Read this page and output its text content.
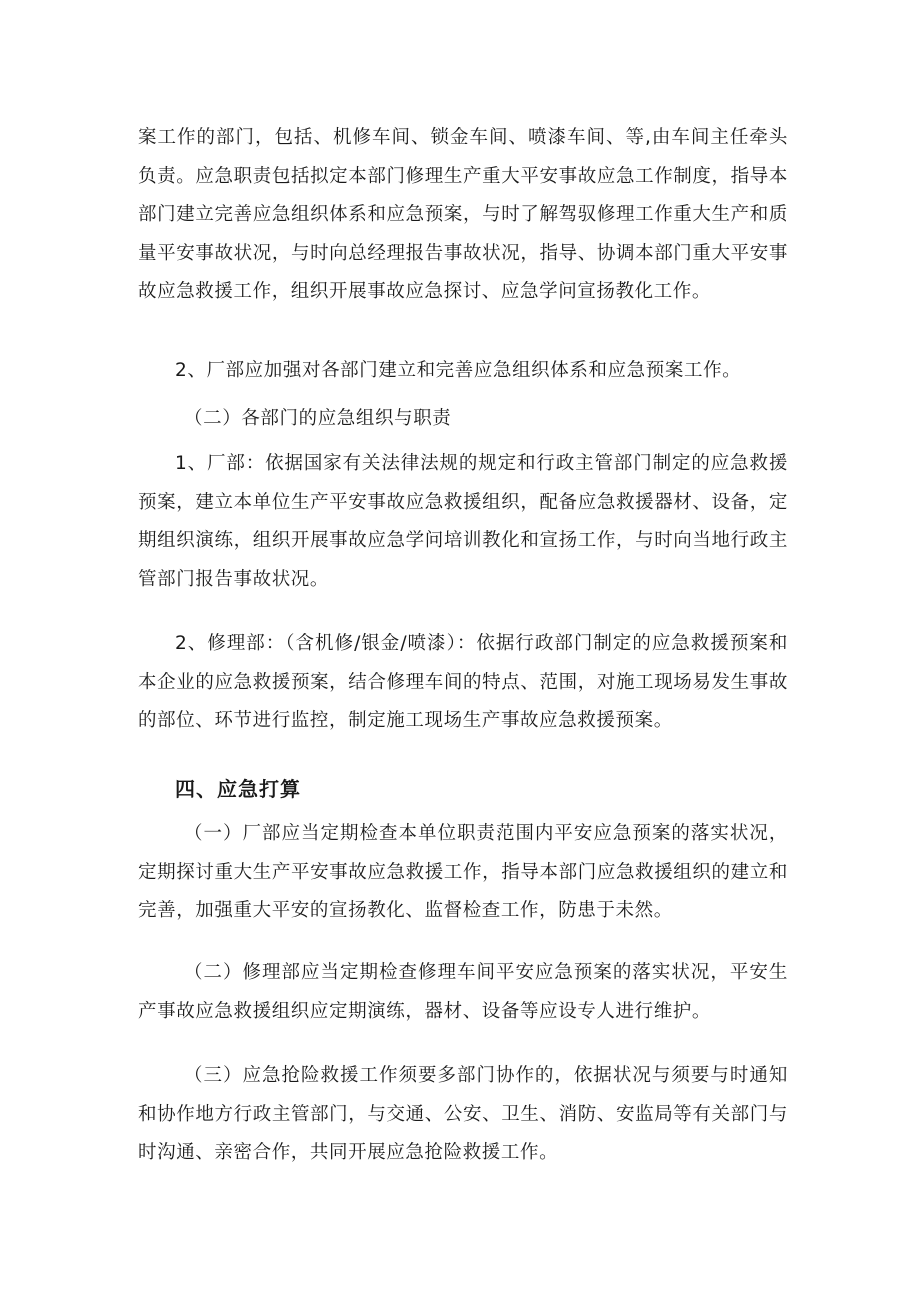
案工作的部门，包括、机修车间、锁金车间、喷漆车间、等,由车间主任牵头负责。应急职责包括拟定本部门修理生产重大平安事故应急工作制度，指导本部门建立完善应急组织体系和应急预案，与时了解驾驭修理工作重大生产和质量平安事故状况，与时向总经理报告事故状况，指导、协调本部门重大平安事故应急救援工作，组织开展事故应急探讨、应急学问宣扬教化工作。

2、厂部应加强对各部门建立和完善应急组织体系和应急预案工作。

（二）各部门的应急组织与职责

1、厂部：依据国家有关法律法规的规定和行政主管部门制定的应急救援预案，建立本单位生产平安事故应急救援组织，配备应急救援器材、设备，定期组织演练，组织开展事故应急学问培训教化和宣扬工作，与时向当地行政主管部门报告事故状况。

2、修理部：（含机修/银金/喷漆）：依据行政部门制定的应急救援预案和本企业的应急救援预案，结合修理车间的特点、范围，对施工现场易发生事故的部位、环节进行监控，制定施工现场生产事故应急救援预案。

四、应急打算

（一）厂部应当定期检查本单位职责范围内平安应急预案的落实状况，定期探讨重大生产平安事故应急救援工作，指导本部门应急救援组织的建立和完善，加强重大平安的宣扬教化、监督检查工作，防患于未然。

（二）修理部应当定期检查修理车间平安应急预案的落实状况，平安生产事故应急救援组织应定期演练，器材、设备等应设专人进行维护。

（三）应急抢险救援工作须要多部门协作的，依据状况与须要与时通知和协作地方行政主管部门，与交通、公安、卫生、消防、安监局等有关部门与时沟通、亲密合作，共同开展应急抢险救援工作。
